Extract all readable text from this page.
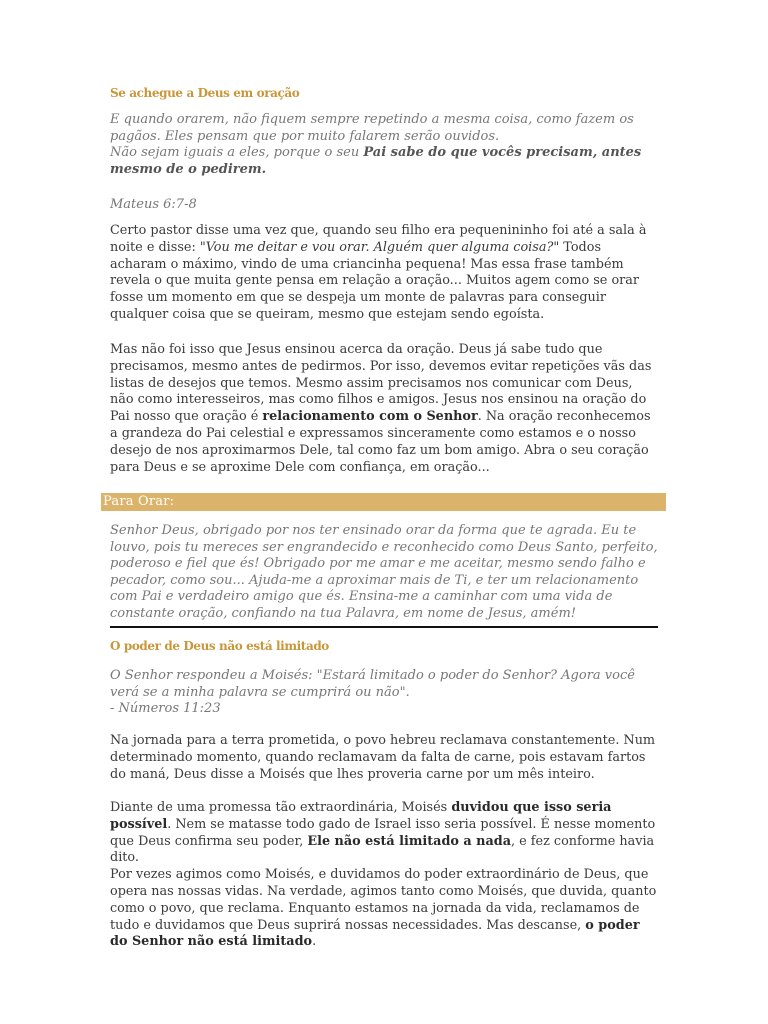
Se achegue a Deus em oração
E quando orarem, não fiquem sempre repetindo a mesma coisa, como fazem os pagãos. Eles pensam que por muito falarem serão ouvidos.
Não sejam iguais a eles, porque o seu Pai sabe do que vocês precisam, antes mesmo de o pedirem.
Mateus 6:7-8
Certo pastor disse uma vez que, quando seu filho era pequenininho foi até a sala à noite e disse: "Vou me deitar e vou orar. Alguém quer alguma coisa?" Todos acharam o máximo, vindo de uma criancinha pequena! Mas essa frase também revela o que muita gente pensa em relação a oração... Muitos agem como se orar fosse um momento em que se despeja um monte de palavras para conseguir qualquer coisa que se queiram, mesmo que estejam sendo egoísta.
Mas não foi isso que Jesus ensinou acerca da oração. Deus já sabe tudo que precisamos, mesmo antes de pedirmos. Por isso, devemos evitar repetições vãs das listas de desejos que temos. Mesmo assim precisamos nos comunicar com Deus, não como interesseiros, mas como filhos e amigos. Jesus nos ensinou na oração do Pai nosso que oração é relacionamento com o Senhor. Na oração reconhecemos a grandeza do Pai celestial e expressamos sinceramente como estamos e o nosso desejo de nos aproximarmos Dele, tal como faz um bom amigo. Abra o seu coração para Deus e se aproxime Dele com confiança, em oração...
Para Orar:
Senhor Deus, obrigado por nos ter ensinado orar da forma que te agrada. Eu te louvo, pois tu mereces ser engrandecido e reconhecido como Deus Santo, perfeito, poderoso e fiel que és! Obrigado por me amar e me aceitar, mesmo sendo falho e pecador, como sou... Ajuda-me a aproximar mais de Ti, e ter um relacionamento com Pai e verdadeiro amigo que és. Ensina-me a caminhar com uma vida de constante oração, confiando na tua Palavra, em nome de Jesus, amém!
O poder de Deus não está limitado
O Senhor respondeu a Moisés: "Estará limitado o poder do Senhor? Agora você verá se a minha palavra se cumprirá ou não".
- Números 11:23
Na jornada para a terra prometida, o povo hebreu reclamava constantemente. Num determinado momento, quando reclamavam da falta de carne, pois estavam fartos do maná, Deus disse a Moisés que lhes proveria carne por um mês inteiro.
Diante de uma promessa tão extraordinária, Moisés duvidou que isso seria possível. Nem se matasse todo gado de Israel isso seria possível. É nesse momento que Deus confirma seu poder, Ele não está limitado a nada, e fez conforme havia dito.
Por vezes agimos como Moisés, e duvidamos do poder extraordinário de Deus, que opera nas nossas vidas. Na verdade, agimos tanto como Moisés, que duvida, quanto como o povo, que reclama. Enquanto estamos na jornada da vida, reclamamos de tudo e duvidamos que Deus suprirá nossas necessidades. Mas descanse, o poder do Senhor não está limitado.
